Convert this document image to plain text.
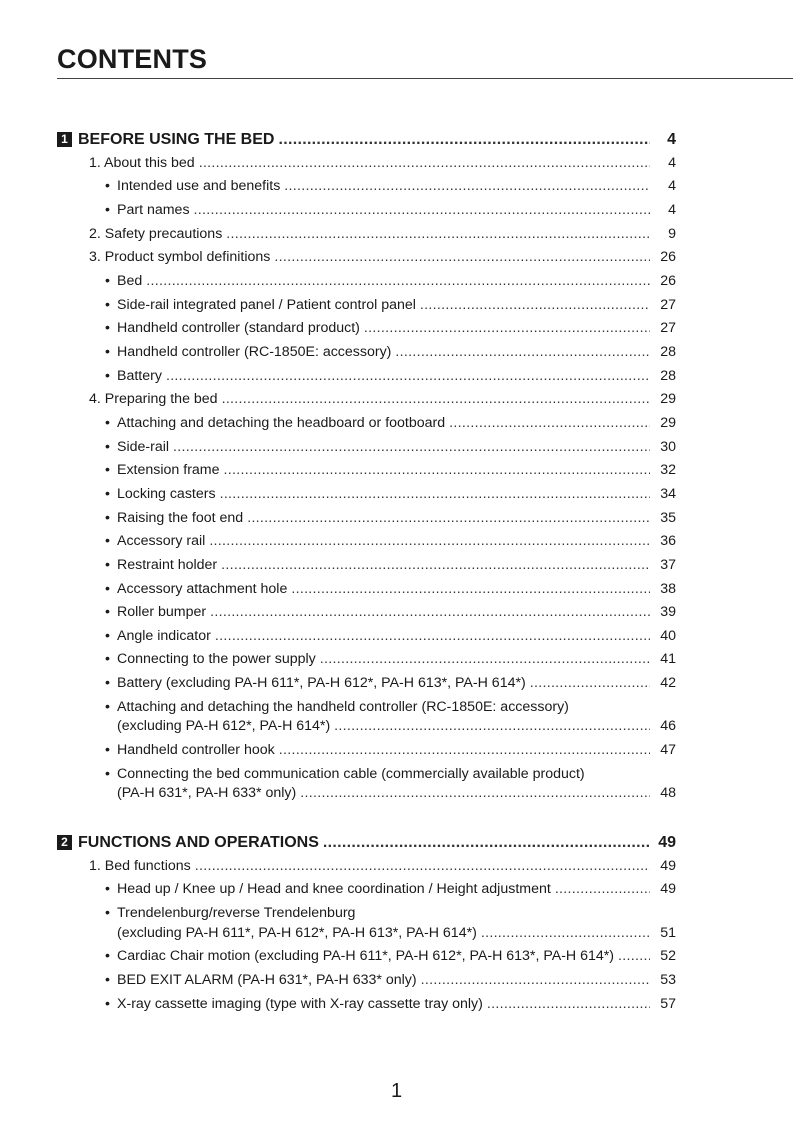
CONTENTS
1 BEFORE USING THE BED .....	4
1. About this bed .....	4
• Intended use and benefits .....	4
• Part names .....	4
2. Safety precautions .....	9
3. Product symbol definitions .....	26
• Bed .....	26
• Side-rail integrated panel / Patient control panel .....	27
• Handheld controller (standard product) .....	27
• Handheld controller (RC-1850E: accessory) .....	28
• Battery .....	28
4. Preparing the bed .....	29
• Attaching and detaching the headboard or footboard .....	29
• Side-rail .....	30
• Extension frame .....	32
• Locking casters .....	34
• Raising the foot end .....	35
• Accessory rail .....	36
• Restraint holder .....	37
• Accessory attachment hole .....	38
• Roller bumper .....	39
• Angle indicator .....	40
• Connecting to the power supply .....	41
• Battery (excluding PA-H 611*, PA-H 612*, PA-H 613*, PA-H 614*) .....	42
• Attaching and detaching the handheld controller (RC-1850E: accessory)
(excluding PA-H 612*, PA-H 614*) .....	46
• Handheld controller hook .....	47
• Connecting the bed communication cable (commercially available product)
(PA-H 631*, PA-H 633* only) .....	48
2 FUNCTIONS AND OPERATIONS .....	49
1. Bed functions .....	49
• Head up / Knee up / Head and knee coordination / Height adjustment .....	49
• Trendelenburg/reverse Trendelenburg
(excluding PA-H 611*, PA-H 612*, PA-H 613*, PA-H 614*) .....	51
• Cardiac Chair motion (excluding PA-H 611*, PA-H 612*, PA-H 613*, PA-H 614*) .....	52
• BED EXIT ALARM (PA-H 631*, PA-H 633* only) .....	53
• X-ray cassette imaging (type with X-ray cassette tray only) .....	57
1
